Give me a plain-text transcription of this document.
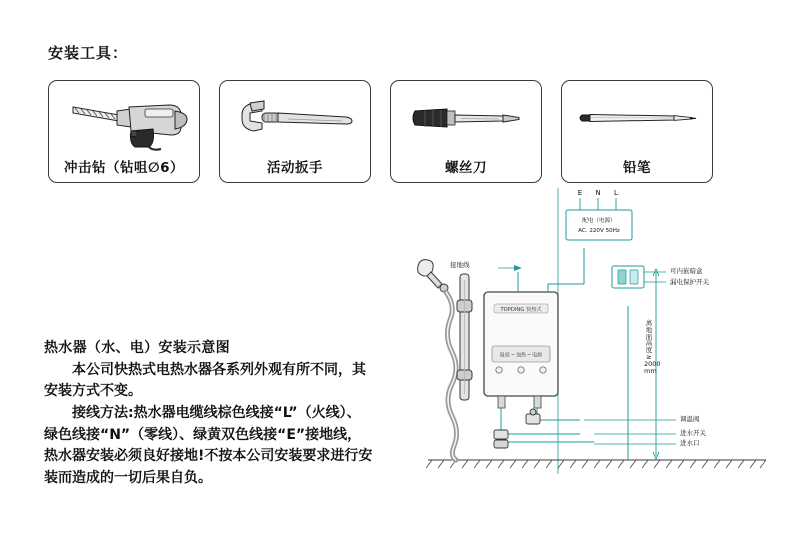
安装工具：
冲击钻（钻咀∅6）	活动扳手	螺丝刀	铅笔

热水器（水、电）安装示意图

本公司快热式电热水器各系列外观有所不同，其安装方式不变。

接线方法:热水器电缆线棕色线接“L”（火线）、绿色线接“N”（零线）、绿黄双色线接“E”接地线，热水器安装必须良好接地!不按本公司安装要求进行安装而造成的一切后果自负。

TOPDING 快热式
温度 ─ 加热 ─ 电源
配电（电源）
AC. 220V 50Hz
E N L
接地线
可内嵌暗盒
漏电保护开关
离地面高度 ≥ 2000 mm
调温阀
进水开关
进水口
